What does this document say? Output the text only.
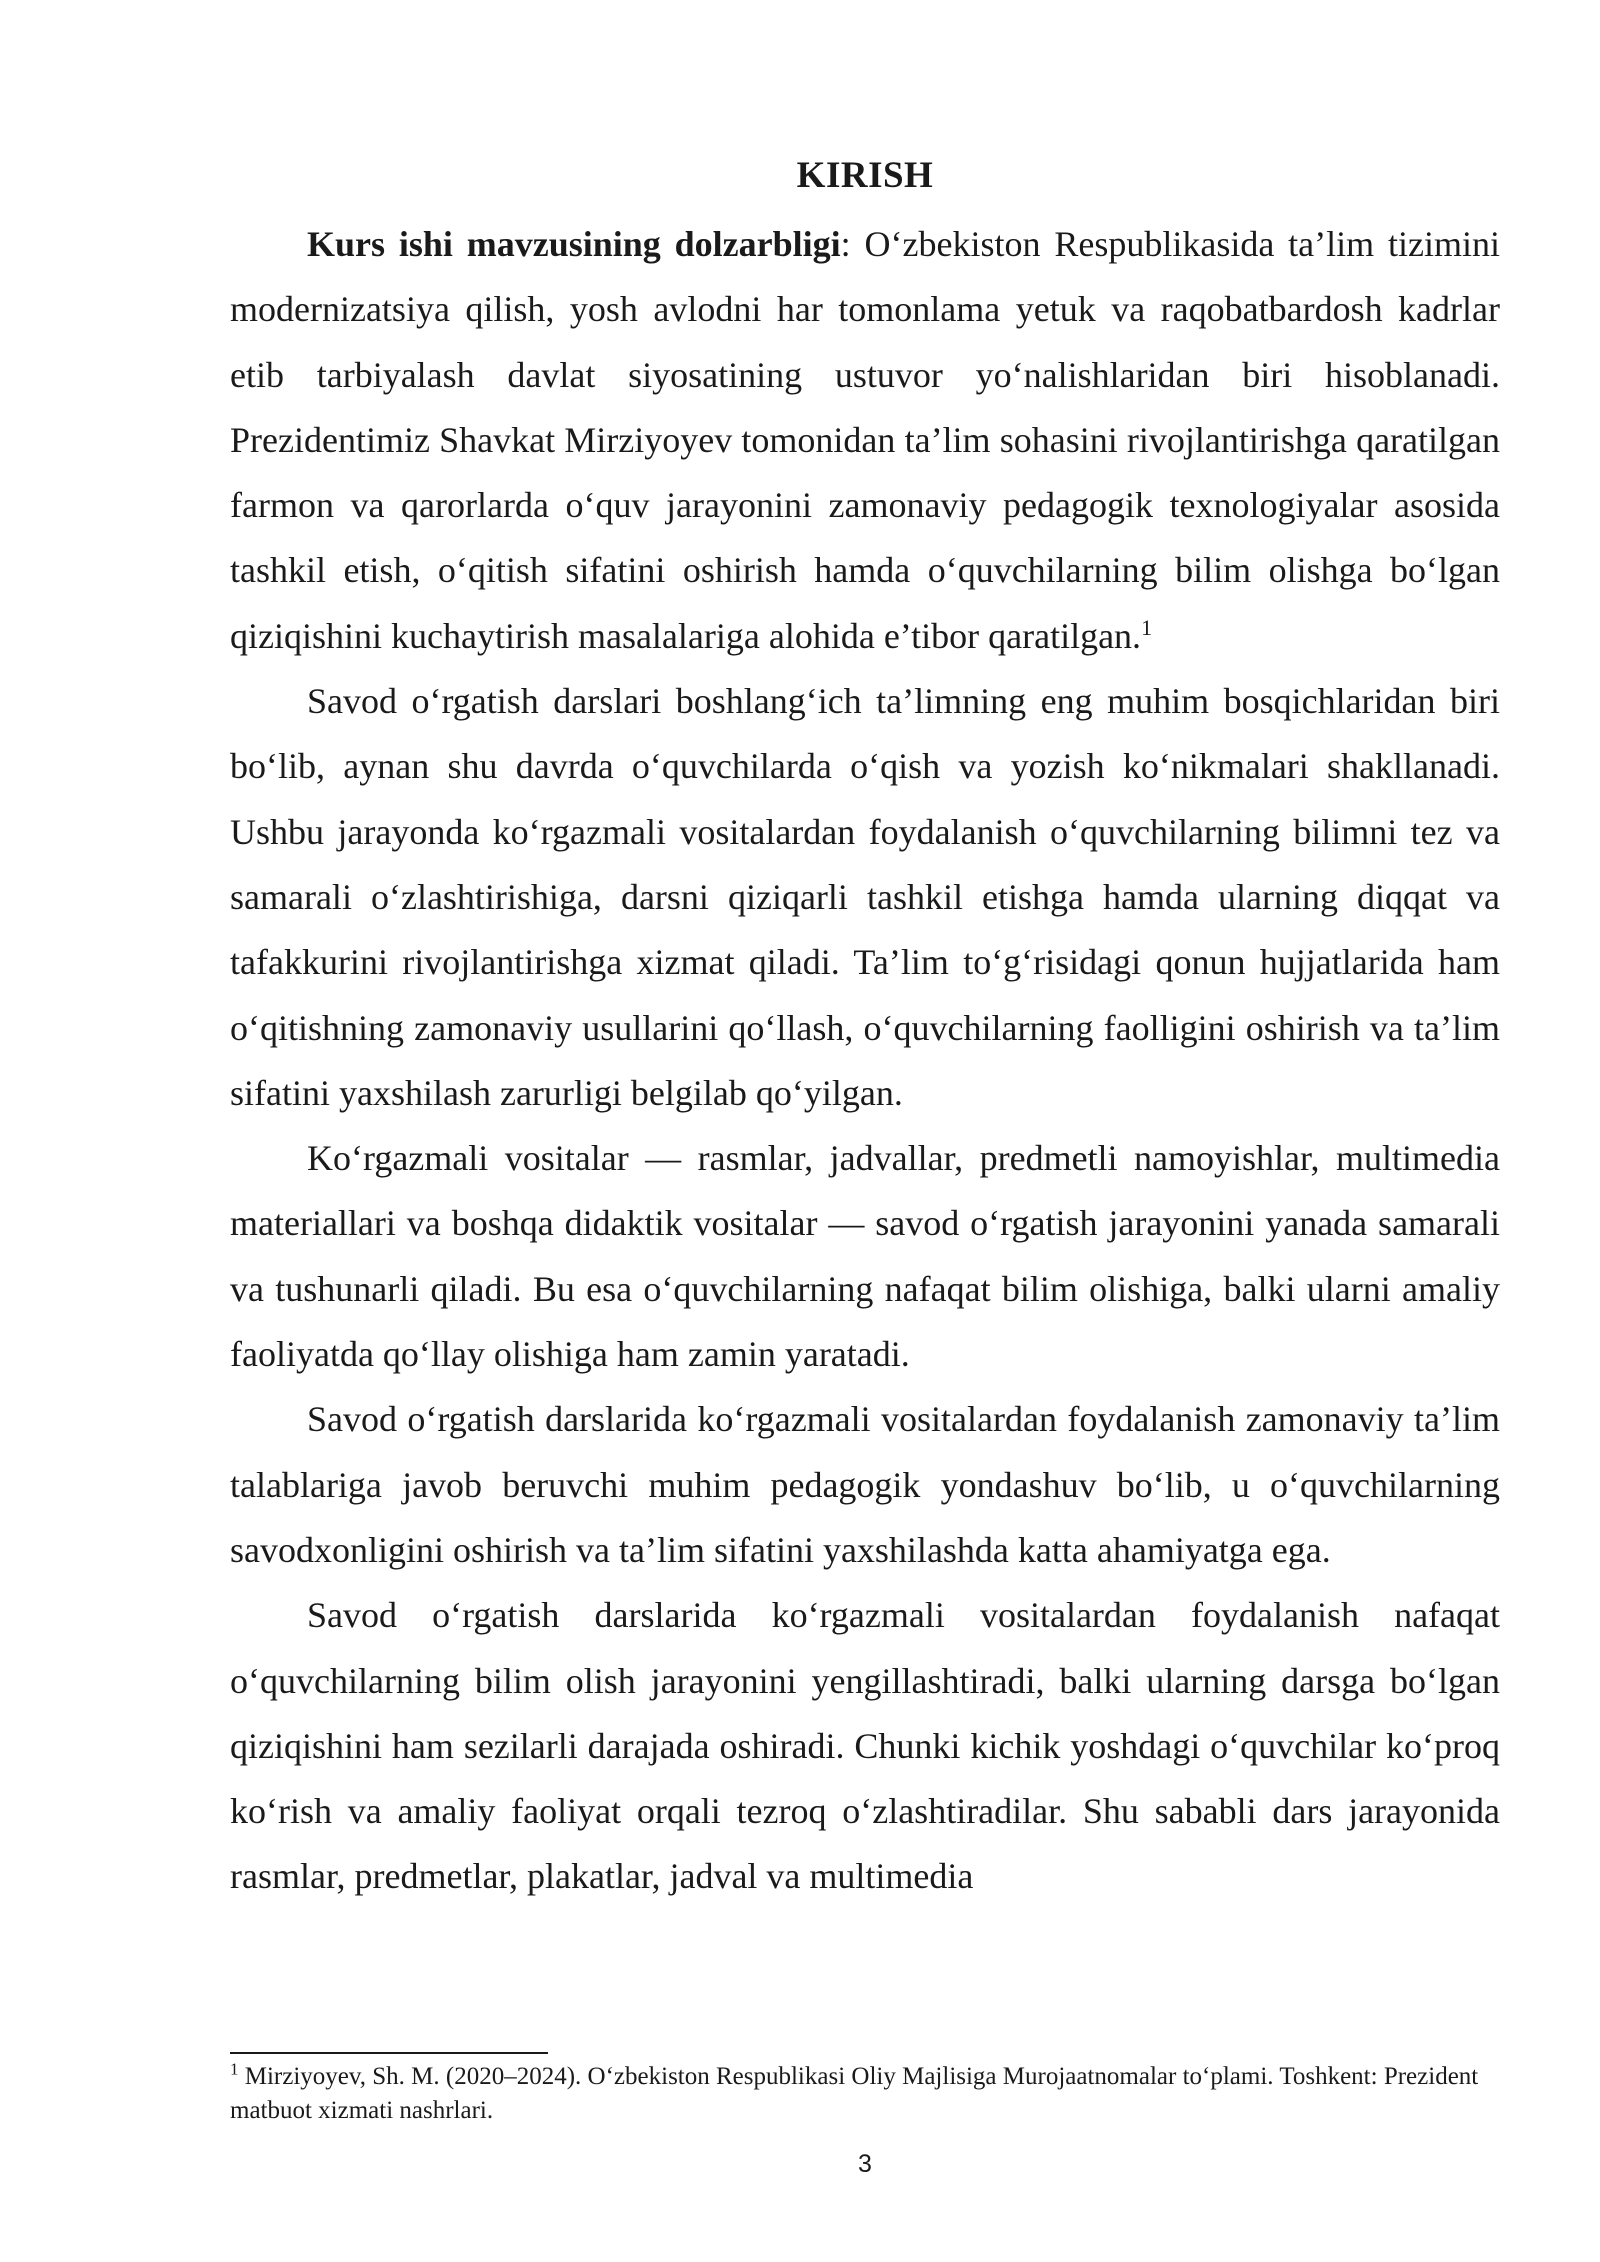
KIRISH

Kurs ishi mavzusining dolzarbligi: O‘zbekiston Respublikasida ta’lim tizimini modernizatsiya qilish, yosh avlodni har tomonlama yetuk va raqobatbardosh kadrlar etib tarbiyalash davlat siyosatining ustuvor yo‘nalishlaridan biri hisoblanadi. Prezidentimiz Shavkat Mirziyoyev tomonidan ta’lim sohasini rivojlantirishga qaratilgan farmon va qarorlarda o‘quv jarayonini zamonaviy pedagogik texnologiyalar asosida tashkil etish, o‘qitish sifatini oshirish hamda o‘quvchilarning bilim olishga bo‘lgan qiziqishini kuchaytirish masalalariga alohida e’tibor qaratilgan.$^1$

Savod o‘rgatish darslari boshlang‘ich ta’limning eng muhim bosqichlaridan biri bo‘lib, aynan shu davrda o‘quvchilarda o‘qish va yozish ko‘nikmalari shakllanadi. Ushbu jarayonda ko‘rgazmali vositalardan foydalanish o‘quvchilarning bilimni tez va samarali o‘zlashtirishiga, darsni qiziqarli tashkil etishga hamda ularning diqqat va tafakkurini rivojlantirishga xizmat qiladi. Ta’lim to‘g‘risidagi qonun hujjatlarida ham o‘qitishning zamonaviy usullarini qo‘llash, o‘quvchilarning faolligini oshirish va ta’lim sifatini yaxshilash zarurligi belgilab qo‘yilgan.

Ko‘rgazmali vositalar — rasmlar, jadvallar, predmetli namoyishlar, multimedia materiallari va boshqa didaktik vositalar — savod o‘rgatish jarayonini yanada samarali va tushunarli qiladi. Bu esa o‘quvchilarning nafaqat bilim olishiga, balki ularni amaliy faoliyatda qo‘llay olishiga ham zamin yaratadi.

Savod o‘rgatish darslarida ko‘rgazmali vositalardan foydalanish zamonaviy ta’lim talablariga javob beruvchi muhim pedagogik yondashuv bo‘lib, u o‘quvchilarning savodxonligini oshirish va ta’lim sifatini yaxshilashda katta ahamiyatga ega.

Savod o‘rgatish darslarida ko‘rgazmali vositalardan foydalanish nafaqat o‘quvchilarning bilim olish jarayonini yengillashtiradi, balki ularning darsga bo‘lgan qiziqishini ham sezilarli darajada oshiradi. Chunki kichik yoshdagi o‘quvchilar ko‘proq ko‘rish va amaliy faoliyat orqali tezroq o‘zlashtiradilar. Shu sababli dars jarayonida rasmlar, predmetlar, plakatlar, jadval va multimedia

$^1$ Mirziyoyev, Sh. M. (2020–2024). O‘zbekiston Respublikasi Oliy Majlisiga Murojaatnomalar to‘plami. Toshkent: Prezident matbuot xizmati nashrlari.
3
